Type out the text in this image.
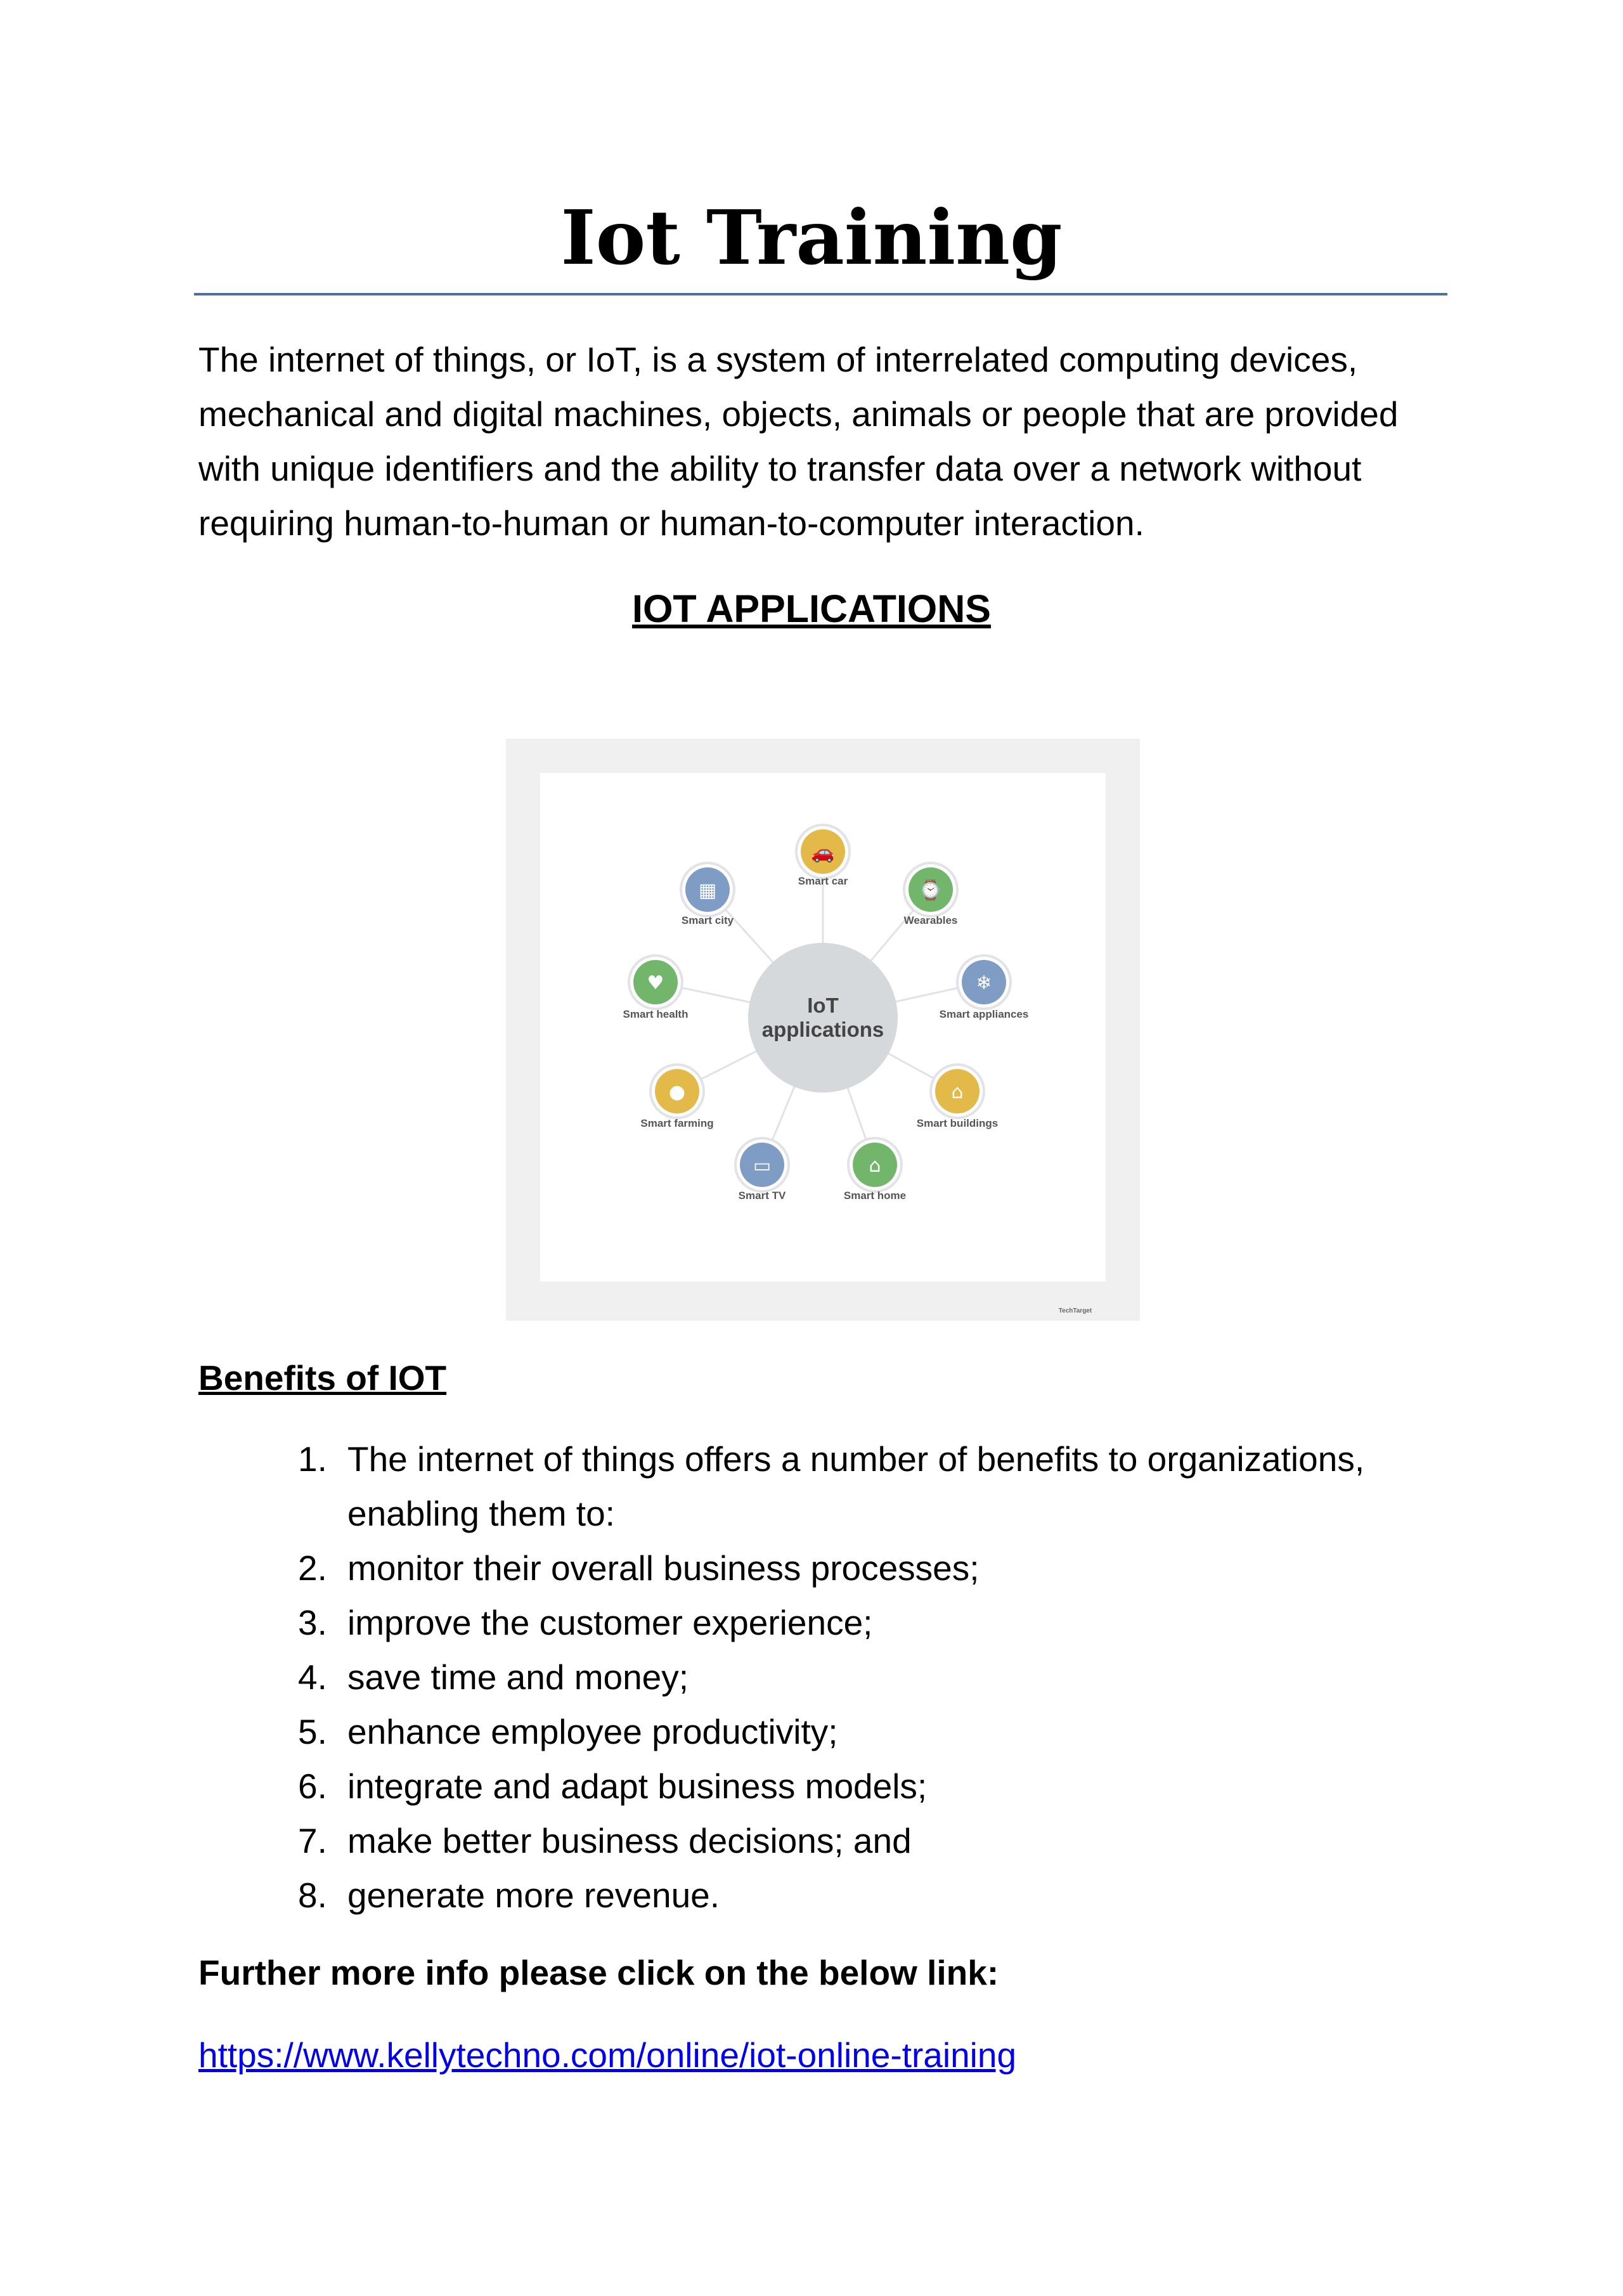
Iot Training

The internet of things, or IoT, is a system of interrelated computing devices, mechanical and digital machines, objects, animals or people that are provided with unique identifiers and the ability to transfer data over a network without requiring human-to-human or human-to-computer interaction.

IOT APPLICATIONS
IoT
applications
🚗
Smart car	⌚
Wearables
❄
Smart appliances
⌂
Smart buildings
⌂
Smart home
▭
Smart TV
●
Smart farming
♥
Smart health
▦
Smart city
TechTarget
Benefits of IOT
1. The internet of things offers a number of benefits to organizations, enabling them to:
2. monitor their overall business processes;
3. improve the customer experience;
4. save time and money;
5. enhance employee productivity;
6. integrate and adapt business models;
7. make better business decisions; and
8. generate more revenue.

Further more info please click on the below link:

https://www.kellytechno.com/online/iot-online-training
